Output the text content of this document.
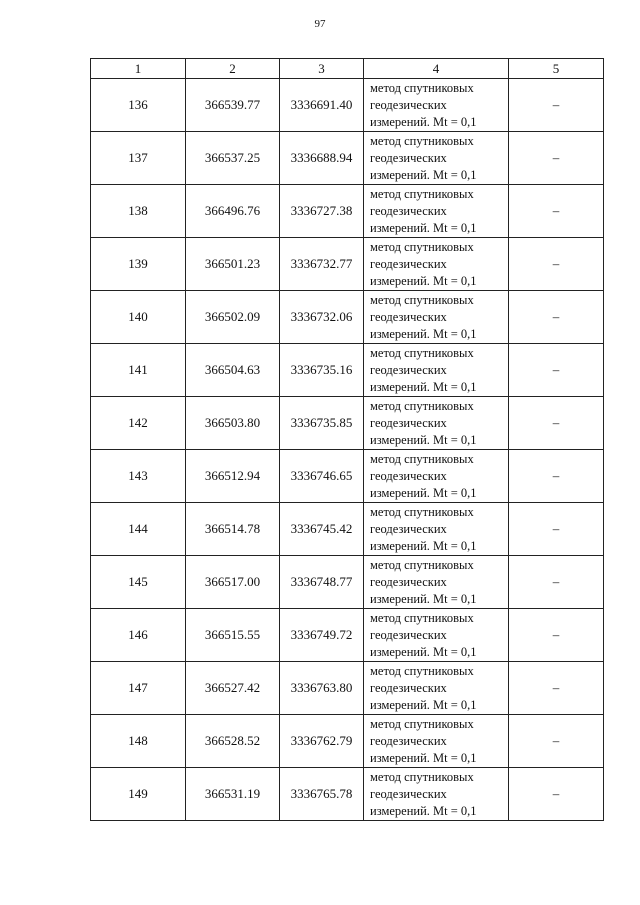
97
1	2	3	4	5
136	366539.77	3336691.40	метод спутниковых
геодезических
измерений. Mt = 0,1	–
137	366537.25	3336688.94	метод спутниковых
геодезических
измерений. Mt = 0,1	–
138	366496.76	3336727.38	метод спутниковых
геодезических
измерений. Mt = 0,1	–
139	366501.23	3336732.77	метод спутниковых
геодезических
измерений. Mt = 0,1	–
140	366502.09	3336732.06	метод спутниковых
геодезических
измерений. Mt = 0,1	–
141	366504.63	3336735.16	метод спутниковых
геодезических
измерений. Mt = 0,1	–
142	366503.80	3336735.85	метод спутниковых
геодезических
измерений. Mt = 0,1	–
143	366512.94	3336746.65	метод спутниковых
геодезических
измерений. Mt = 0,1	–
144	366514.78	3336745.42	метод спутниковых
геодезических
измерений. Mt = 0,1	–
145	366517.00	3336748.77	метод спутниковых
геодезических
измерений. Mt = 0,1	–
146	366515.55	3336749.72	метод спутниковых
геодезических
измерений. Mt = 0,1	–
147	366527.42	3336763.80	метод спутниковых
геодезических
измерений. Mt = 0,1	–
148	366528.52	3336762.79	метод спутниковых
геодезических
измерений. Mt = 0,1	–
149	366531.19	3336765.78	метод спутниковых
геодезических
измерений. Mt = 0,1	–
